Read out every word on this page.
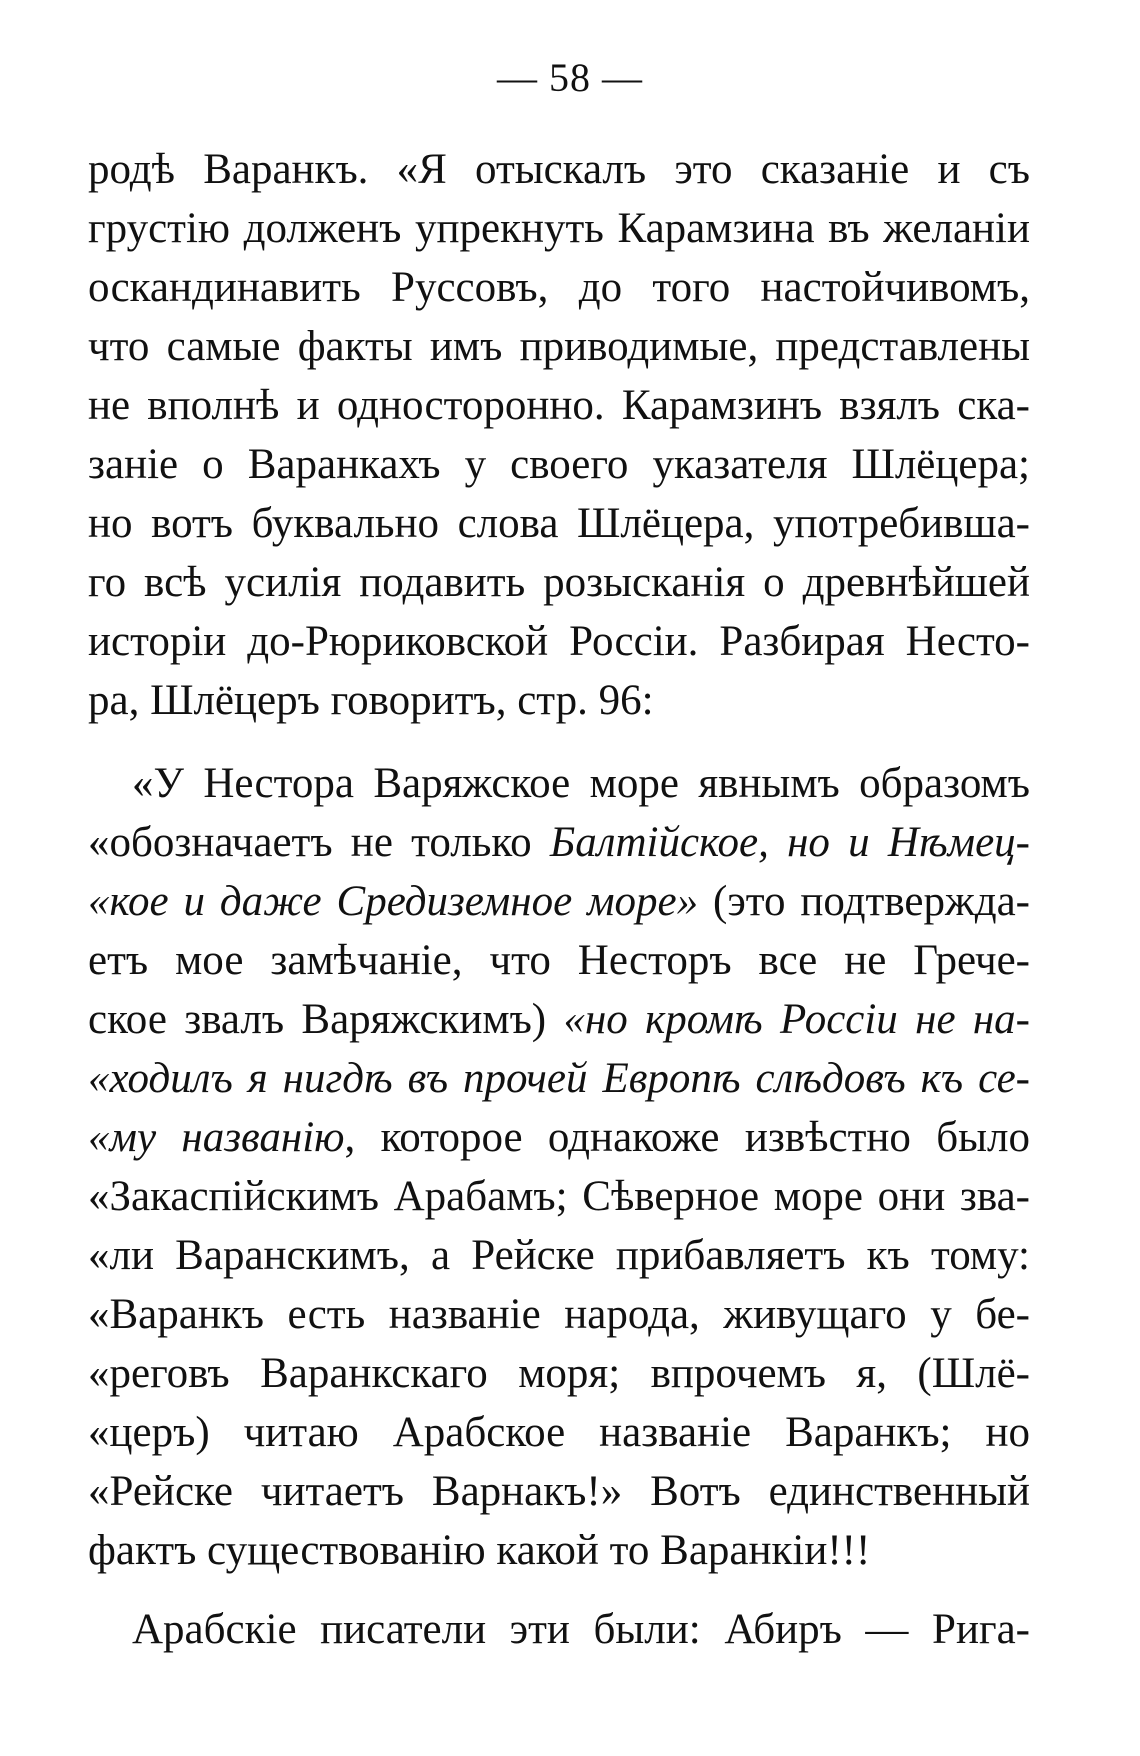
— 58 —
родѣ Варанкъ. «Я отыскалъ это сказаніе и съ
грустію долженъ упрекнуть Карамзина въ желаніи
оскандинавить Руссовъ, до того настойчивомъ,
что самые факты имъ приводимые, представлены
не вполнѣ и односторонно. Карамзинъ взялъ ска-
заніе о Варанкахъ у своего указателя Шлёцера;
но вотъ буквально слова Шлёцера, употребивша-
го всѣ усилія подавить розысканія о древнѣйшей
исторіи до-Рюриковской Россіи. Разбирая Несто-
ра, Шлёцеръ говоритъ, стр. 96:
«У Нестора Варяжское море явнымъ образомъ
«обозначаетъ не только Балтійское, но и Нѣмец-
«кое и даже Средиземное море» (это подтвержда-
етъ мое замѣчаніе, что Несторъ все не Грече-
ское звалъ Варяжскимъ) «но кромѣ Россіи не на-
«ходилъ я нигдѣ въ прочей Европѣ слѣдовъ къ се-
«му названію, которое однакоже извѣстно было
«Закаспійскимъ Арабамъ; Сѣверное море они зва-
«ли Варанскимъ, а Рейске прибавляетъ къ тому:
«Варанкъ есть названіе народа, живущаго у бе-
«реговъ Варанкскаго моря; впрочемъ я, (Шлё-
«церъ) читаю Арабское названіе Варанкъ; но
«Рейске читаетъ Варнакъ!» Вотъ единственный
фактъ существованію какой то Варанкіи!!!
Арабскіе писатели эти были: Абиръ — Рига-
